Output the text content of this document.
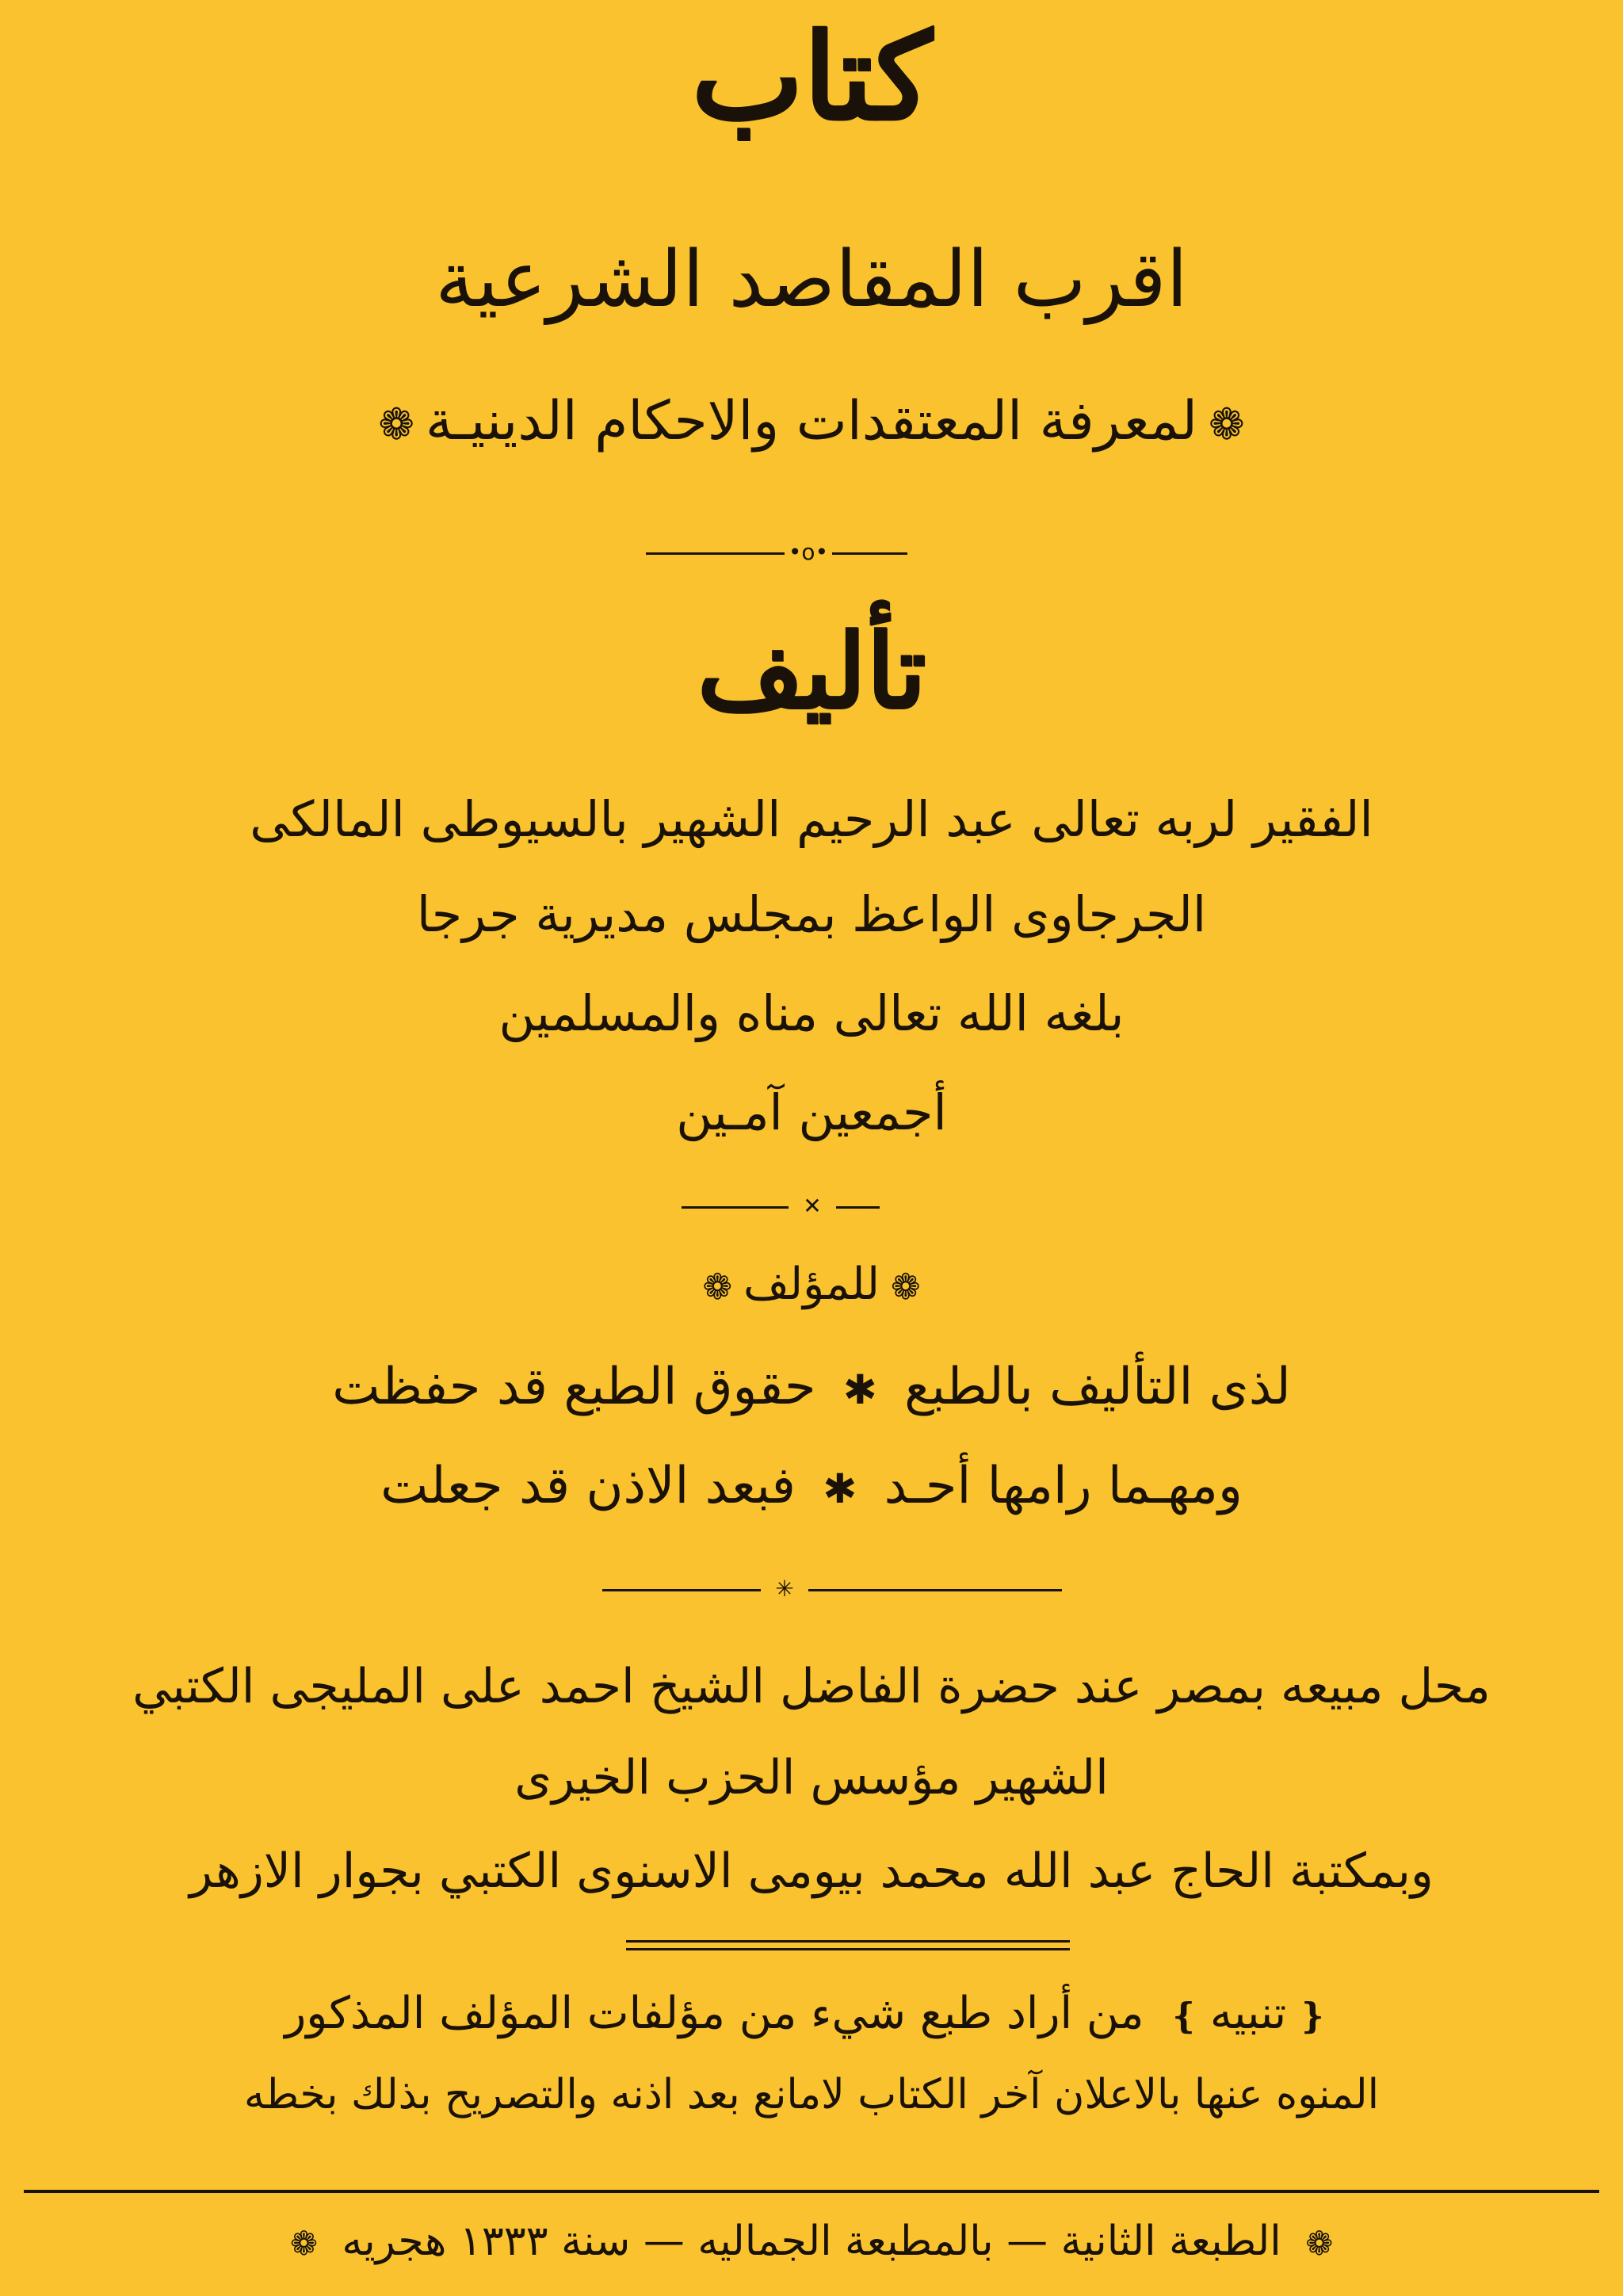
كتاب
اقرب المقاصد الشرعية
❁لمعرفة المعتقدات والاحكام الدينيـة❁
•o•
تأليف
الفقير لربه تعالى عبد الرحيم الشهير بالسيوطى المالكى
الجرجاوى الواعظ بمجلس مديرية جرجا
بلغه الله تعالى مناه والمسلمين
أجمعين آمـين
✕
❁للمؤلف❁
لذى التأليف بالطبع ✱ حقوق الطبع قد حفظت
ومهـما رامها أحـد ✱ فبعد الاذن قد جعلت
✳
محل مبيعه بمصر عند حضرة الفاضل الشيخ احمد على المليجى الكتبي
الشهير مؤسس الحزب الخيرى
وبمكتبة الحاج عبد الله محمد بيومى الاسنوى الكتبي بجوار الازهر
❴تنبيه❵ من أراد طبع شيء من مؤلفات المؤلف المذكور
المنوه عنها بالاعلان آخر الكتاب لامانع بعد اذنه والتصريح بذلك بخطه
❁ الطبعة الثانية — بالمطبعة الجماليه — سنة ١٣٣٣ هجريه ❁
